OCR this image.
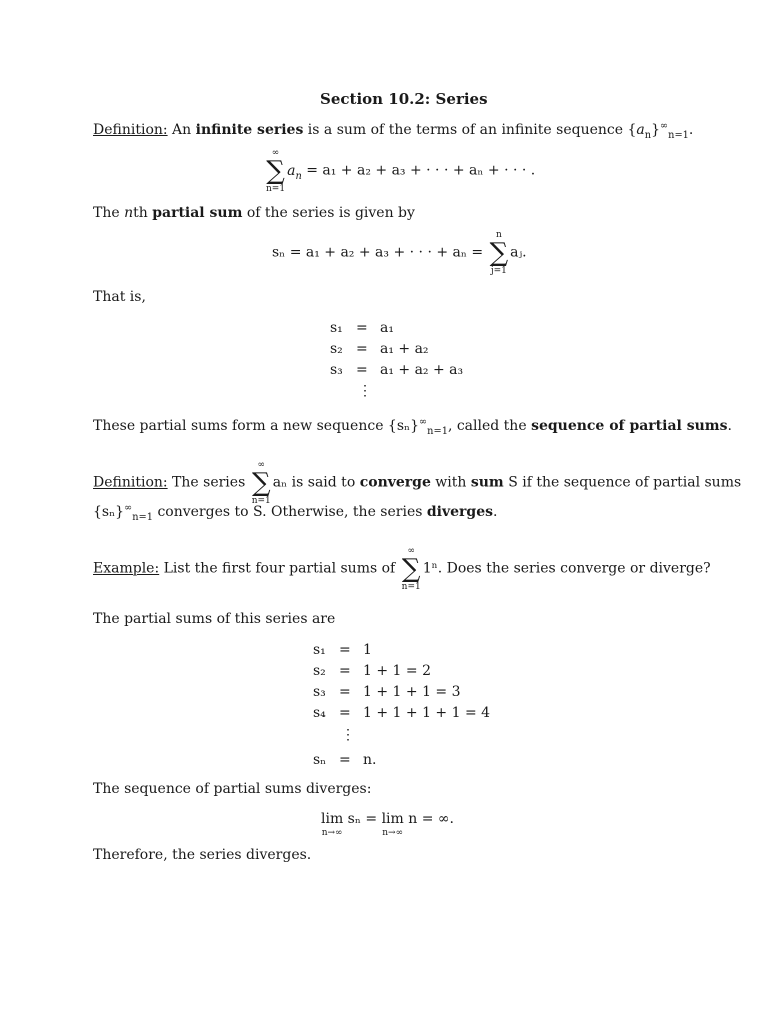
Section 10.2: Series
Definition: An infinite series is a sum of the terms of an infinite sequence $\{a_n\}^\infty_{n=1}$.
∞
∑
n=1
$a_n = a_1 + a_2 + a_3$ + · · · + aₙ + · · · .
The nth partial sum of the series is given by
sₙ = a₁ + a₂ + a₃ + · · · + aₙ =
n
∑
j=1
aⱼ.
That is,
s₁
s₂
s₃
=
=
=
a₁
a₁ + a₂
a₁ + a₂ + a₃
⋮
These partial sums form a new sequence $\{s_n\}^\infty_{n=1}$, called the sequence of partial sums.
Definition: The series
∞
∑
n=1
aₙ is said to converge with sum S if the sequence of partial sums
$\{s_n\}^\infty_{n=1}$ converges to S. Otherwise, the series diverges.
Example: List the first four partial sums of
∞
∑
n=1
1ⁿ. Does the series converge or diverge?
The partial sums of this series are
s₁
s₂
s₃
s₄
=
=
=
=
1
1 + 1 = 2
1 + 1 + 1 = 3
1 + 1 + 1 + 1 = 4
⋮
sₙ = n.
The sequence of partial sums diverges:
lim
n→∞
sₙ = lim
n→∞
n = ∞.
Therefore, the series diverges.
